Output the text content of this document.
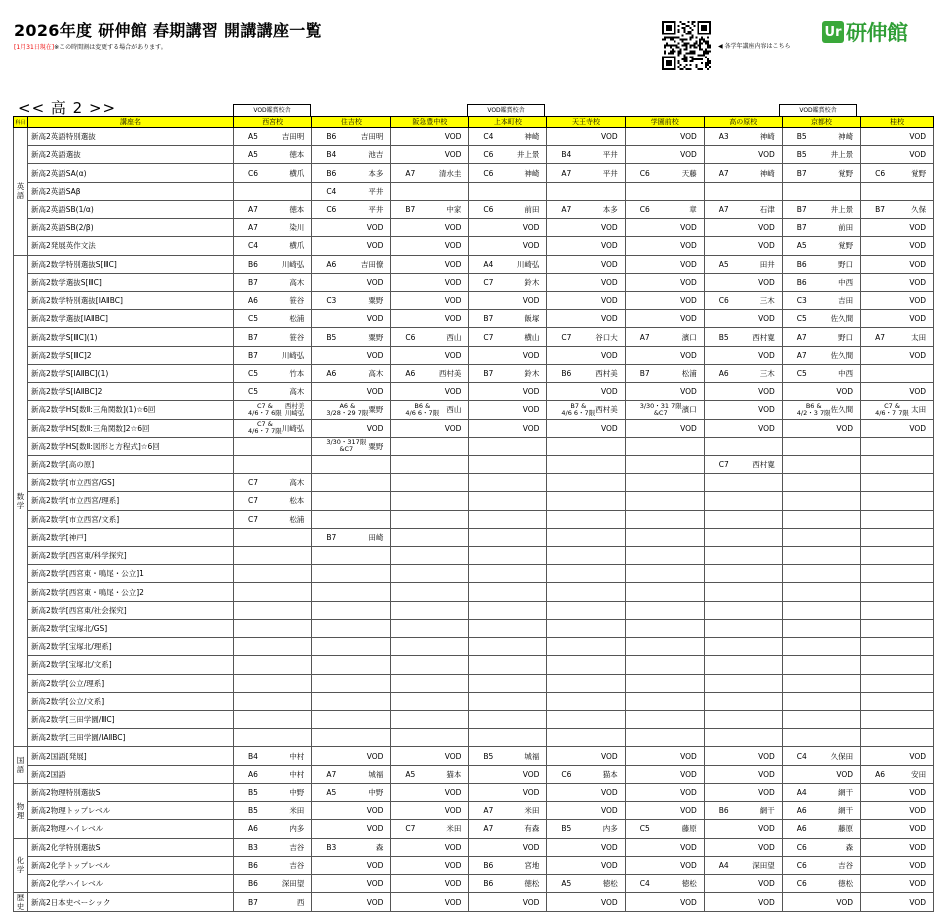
2026年度 研伸館 春期講習 開講講座一覧
[1月31日現在]※この時間割は変更する場合があります。	◀ 各学年講座内容はこちら
Ur 研伸館
<< 高 2 >>	VOD鑑賞校舎	VOD鑑賞校舎	VOD鑑賞校舎
科目	講座名	西宮校	住吉校	阪急豊中校	上本町校	天王寺校	学園前校	高の原校	京都校	桂校
英
語	新高2英語特別選抜	A5 吉田明	B6 吉田明	VOD	C4 神崎	VOD	VOD	A3 神崎	B5 神崎	VOD

	新高2英語選抜	A5 徳本	B4 池吉	VOD	C6 井上景	B4 平井	VOD	VOD	B5 井上景	VOD

	新高2英語SA(α)	C6 横爪	B6 本多	A7 清水圭	C6 神崎	A7 平井	C6 天藤	A7 神崎	B7 覚野	C6 覚野

	新高2英語SAβ		C4 平井							

	新高2英語SB(1/α)	A7 徳本	C6 平井	B7 中家	C6 前田	A7 本多	C6 章	A7 石津	B7 井上景	B7 久保

	新高2英語SB(2/β)	A7 染川	VOD	VOD	VOD	VOD	VOD	VOD	B7 前田	VOD

	新高2発展英作文法	C4 横爪	VOD	VOD	VOD	VOD	VOD	VOD	A5 覚野	VOD

数
学	新高2数学特別選抜S[ⅢC]	B6 川崎弘	A6 吉田僚	VOD	A4 川崎弘	VOD	VOD	A5 田井	B6 野口	VOD

	新高2数学選抜S[ⅢC]	B7 高木	VOD	VOD	C7 鈴木	VOD	VOD	VOD	B6 中西	VOD

	新高2数学特別選抜[ⅠAⅡBC]	A6 笹谷	C3 粟野	VOD	VOD	VOD	VOD	C6 三木	C3 吉田	VOD

	新高2数学選抜[ⅠAⅡBC]	C5 松浦	VOD	VOD	B7 飯塚	VOD	VOD	VOD	C5 佐久間	VOD

	新高2数学S[ⅢC](1)	B7 笹谷	B5 粟野	C6 西山	C7 横山	C7 谷口大	A7 濱口	B5 西村寛	A7 野口	A7 太田

	新高2数学S[ⅢC]2	B7 川崎弘	VOD	VOD	VOD	VOD	VOD	VOD	A7 佐久間	VOD

	新高2数学S[ⅠAⅡBC](1)	C5 竹本	A6 高木	A6 西村美	B7 鈴木	B6 西村美	B7 松浦	A6 三木	C5 中西	

	新高2数学S[ⅠAⅡBC]2	C5 高木	VOD	VOD	VOD	VOD	VOD	VOD	VOD	VOD

	新高2数学HS[数Ⅱ:三角関数](1)☆6回	C7 &
4/6・7 6限
西村美
川崎弘	A6 &
3/28・29 7限 粟野	B6 &
4/6 6・7限 西山	VOD	B7 &
4/6 6・7限 西村美	3/30・31 7限
&C7 濱口	VOD	B6 &
4/2・3 7限 佐久間	C7 &
4/6・7 7限 太田

	新高2数学HS[数Ⅱ:三角関数]2☆6回	C7 &
4/6・7 7限 川崎弘	VOD	VOD	VOD	VOD	VOD	VOD	VOD	VOD

	新高2数学HS[数Ⅱ:図形と方程式]☆6回		3/30・317限
&C7 粟野							

	新高2数学[高の原]							C7 西村寛		

	新高2数学[市立西宮/GS]	C7 高木								

	新高2数学[市立西宮/理系]	C7 松本								

	新高2数学[市立西宮/文系]	C7 松浦								

	新高2数学[神戸]		B7 田崎							

	新高2数学[西宮東/科学探究]	

	新高2数学[西宮東・鳴尾・公立]1	

	新高2数学[西宮東・鳴尾・公立]2	

	新高2数学[西宮東/社会探究]	

	新高2数学[宝塚北/GS]	

	新高2数学[宝塚北/理系]	

	新高2数学[宝塚北/文系]	

	新高2数学[公立/理系]	

	新高2数学[公立/文系]	

	新高2数学[三田学園/ⅢC]	

	新高2数学[三田学園/ⅠAⅡBC]	

国
語	新高2国語[発展]	B4 中村	VOD	VOD	B5 城福	VOD	VOD	VOD	C4 久保田	VOD

	新高2国語	A6 中村	A7 城福	A5 猫本	VOD	C6 猫本	VOD	VOD	VOD	A6 安田

物
理	新高2物理特別選抜S	B5 中野	A5 中野	VOD	VOD	VOD	VOD	VOD	A4 網干	VOD

	新高2物理トップレベル	B5 米田	VOD	VOD	A7 米田	VOD	VOD	B6 網干	A6 網干	VOD

	新高2物理ハイレベル	A6 内多	VOD	C7 米田	A7 有森	B5 内多	C5 藤原	VOD	A6 藤原	VOD

化
学	新高2化学特別選抜S	B3 吉谷	B3 森	VOD	VOD	VOD	VOD	VOD	C6 森	VOD

	新高2化学トップレベル	B6 吉谷	VOD	VOD	B6 宮地	VOD	VOD	A4 深田望	C6 吉谷	VOD

	新高2化学ハイレベル	B6 深田望	VOD	VOD	B6 徳松	A5 徳松	C4 徳松	VOD	C6 徳松	VOD

歴
史	新高2日本史ベーシック	B7 西	VOD	VOD	VOD	VOD	VOD	VOD	VOD	VOD
